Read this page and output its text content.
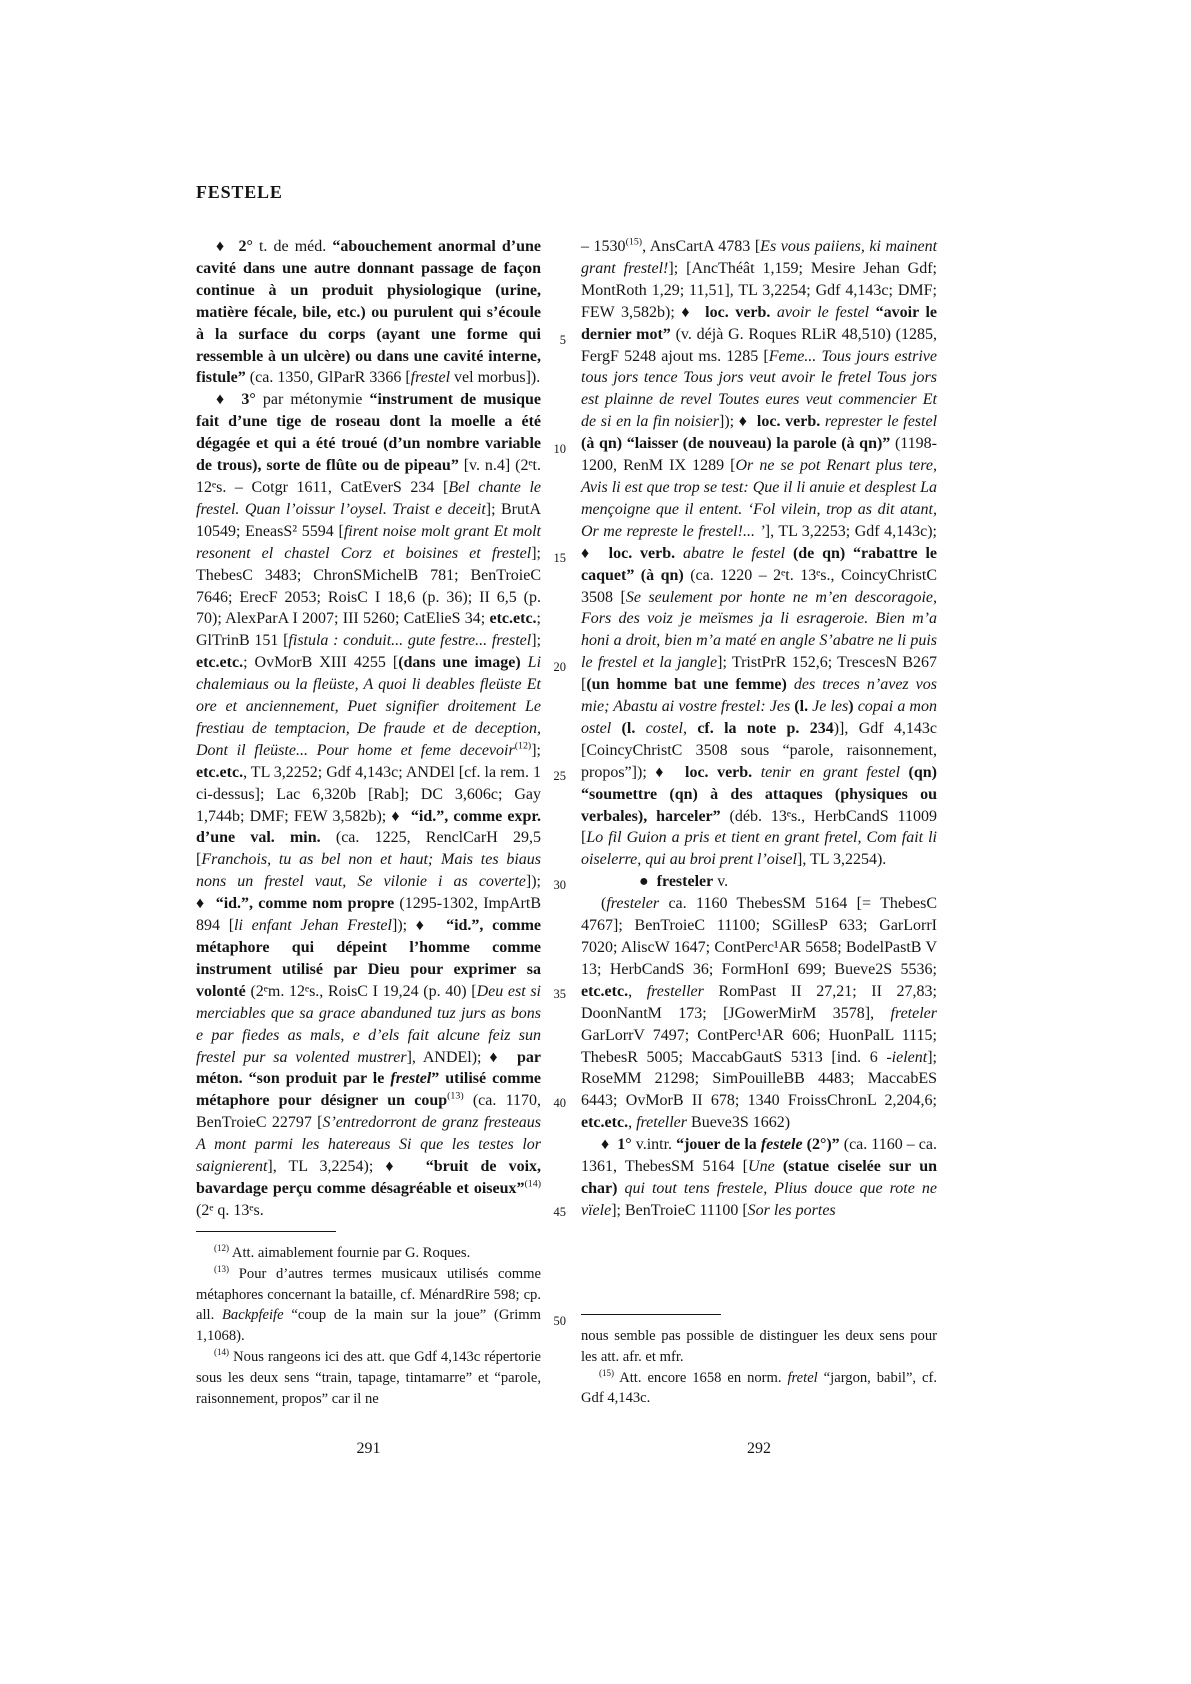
FESTELE

♦  2° t. de méd. “abouchement anormal d’une cavité dans une autre donnant passage de façon continue à un produit physiologique (urine, matière fécale, bile, etc.) ou purulent qui s’écoule à la surface du corps (ayant une forme qui ressemble à un ulcère) ou dans une cavité interne, fistule” (ca. 1350, GlParR 3366 [frestel vel morbus]).

♦  3° par métonymie “instrument de musique fait d’une tige de roseau dont la moelle a été dégagée et qui a été troué (d’un nombre variable de trous), sorte de flûte ou de pipeau” [v. n.4] (2ᵉt. 12ᵉs. – Cotgr 1611, CatEverS 234 [Bel chante le frestel. Quan l’oissur l’oysel. Traist e deceit]; BrutA 10549; EneasS² 5594 [firent noise molt grant Et molt resonent el chastel Corz et boisines et frestel]; ThebesC 3483; ChronSMichelB 781; BenTroieC 7646; ErecF 2053; RoisC I 18,6 (p. 36); II 6,5 (p. 70); AlexParA I 2007; III 5260; CatElieS 34; etc.etc.; GlTrinB 151 [fistula : conduit... gute festre... frestel]; etc.etc.; OvMorB XIII 4255 [(dans une image) Li chalemiaus ou la fleüste, A quoi li deables fleüste Et ore et anciennement, Puet signifier droitement Le frestiau de temptacion, De fraude et de deception, Dont il fleüste... Pour home et feme decevoir$^{(12)}$]; etc.etc., TL 3,2252; Gdf 4,143c; ANDEl [cf. la rem. 1 ci-dessus]; Lac 6,320b [Rab]; DC 3,606c; Gay 1,744b; DMF; FEW 3,582b); ♦  “id.”, comme expr. d’une val. min. (ca. 1225, RenclCarH 29,5 [Franchois, tu as bel non et haut; Mais tes biaus nons un frestel vaut, Se vilonie i as coverte]); ♦  “id.”, comme nom propre (1295-1302, ImpArtB 894 [li enfant Jehan Frestel]); ♦  “id.”, comme métaphore qui dépeint l’homme comme instrument utilisé par Dieu pour exprimer sa volonté (2ᵉm. 12ᵉs., RoisC I 19,24 (p. 40) [Deu est si merciables que sa grace abanduned tuz jurs as bons e par fiedes as mals, e d’els fait alcune feiz sun frestel pur sa volented mustrer], ANDEl); ♦  par méton. “son produit par le frestel” utilisé comme métaphore pour désigner un coup$^{(13)}$ (ca. 1170, BenTroieC 22797 [S’entredorront de granz fresteaus A mont parmi les hatereaus Si que les testes lor saignierent], TL 3,2254); ♦  “bruit de voix, bavardage perçu comme désagréable et oiseux”$^{(14)}$ (2ᵉ q. 13ᵉs.

$^{(12)}$ Att. aimablement fournie par G. Roques.

$^{(13)}$ Pour d’autres termes musicaux utilisés comme métaphores concernant la bataille, cf. MénardRire 598; cp. all. Backpfeife “coup de la main sur la joue” (Grimm 1,1068).

$^{(14)}$ Nous rangeons ici des att. que Gdf 4,143c répertorie sous les deux sens “train, tapage, tintamarre” et “parole, raisonnement, propos” car il ne

– 1530$^{(15)}$, AnsCartA 4783 [Es vous paiiens, ki mainent grant frestel!]; [AncThéât 1,159; Mesire Jehan Gdf; MontRoth 1,29; 11,51], TL 3,2254; Gdf 4,143c; DMF; FEW 3,582b); ♦  loc. verb. avoir le festel “avoir le dernier mot” (v. déjà G. Roques RLiR 48,510) (1285, FergF 5248 ajout ms. 1285 [Feme... Tous jours estrive tous jors tence Tous jors veut avoir le fretel Tous jors est plainne de revel Toutes eures veut commencier Et de si en la fin noisier]); ♦  loc. verb. represter le festel (à qn) “laisser (de nouveau) la parole (à qn)” (1198-1200, RenM IX 1289 [Or ne se pot Renart plus tere, Avis li est que trop se test: Que il li anuie et desplest La mençoigne que il entent. ‘Fol vilein, trop as dit atant, Or me represte le frestel!... ’], TL 3,2253; Gdf 4,143c); ♦  loc. verb. abatre le festel (de qn) “rabattre le caquet” (à qn) (ca. 1220 – 2ᵉt. 13ᵉs., CoincyChristC 3508 [Se seulement por honte ne m’en descoragoie, Fors des voiz je meïsmes ja li esrageroie. Bien m’a honi a droit, bien m’a maté en angle S’abatre ne li puis le frestel et la jangle]; TristPrR 152,6; TrescesN B267 [(un homme bat une femme) des treces n’avez vos mie; Abastu ai vostre frestel: Jes (l. Je les) copai a mon ostel (l. costel, cf. la note p. 234)], Gdf 4,143c [CoincyChristC 3508 sous “parole, raisonnement, propos”]); ♦  loc. verb. tenir en grant festel (qn) “soumettre (qn) à des attaques (physiques ou verbales), harceler” (déb. 13ᵉs., HerbCandS 11009 [Lo fil Guion a pris et tient en grant fretel, Com fait li oiselerre, qui au broi prent l’oisel], TL 3,2254).

●  fresteler v.

(fresteler ca. 1160 ThebesSM 5164 [= ThebesC 4767]; BenTroieC 11100; SGillesP 633; GarLorrI 7020; AliscW 1647; ContPerc¹AR 5658; BodelPastB V 13; HerbCandS 36; FormHonI 699; Bueve2S 5536; etc.etc., fresteller RomPast II 27,21; II 27,83; DoonNantM 173; [JGowerMirM 3578], freteler GarLorrV 7497; ContPerc¹AR 606; HuonPalL 1115; ThebesR 5005; MaccabGautS 5313 [ind. 6 -ielent]; RoseMM 21298; SimPouilleBB 4483; MaccabES 6443; OvMorB II 678; 1340 FroissChronL 2,204,6; etc.etc., freteller Bueve3S 1662)

♦  1° v.intr. “jouer de la festele (2°)” (ca. 1160 – ca. 1361, ThebesSM 5164 [Une (statue ciselée sur un char) qui tout tens frestele, Plius douce que rote ne vïele]; BenTroieC 11100 [Sor les portes

nous semble pas possible de distinguer les deux sens pour les att. afr. et mfr.

$^{(15)}$ Att. encore 1658 en norm. fretel “jargon, babil”, cf. Gdf 4,143c.

5
10
15
20
25
30
35
40
45
50
291	292
